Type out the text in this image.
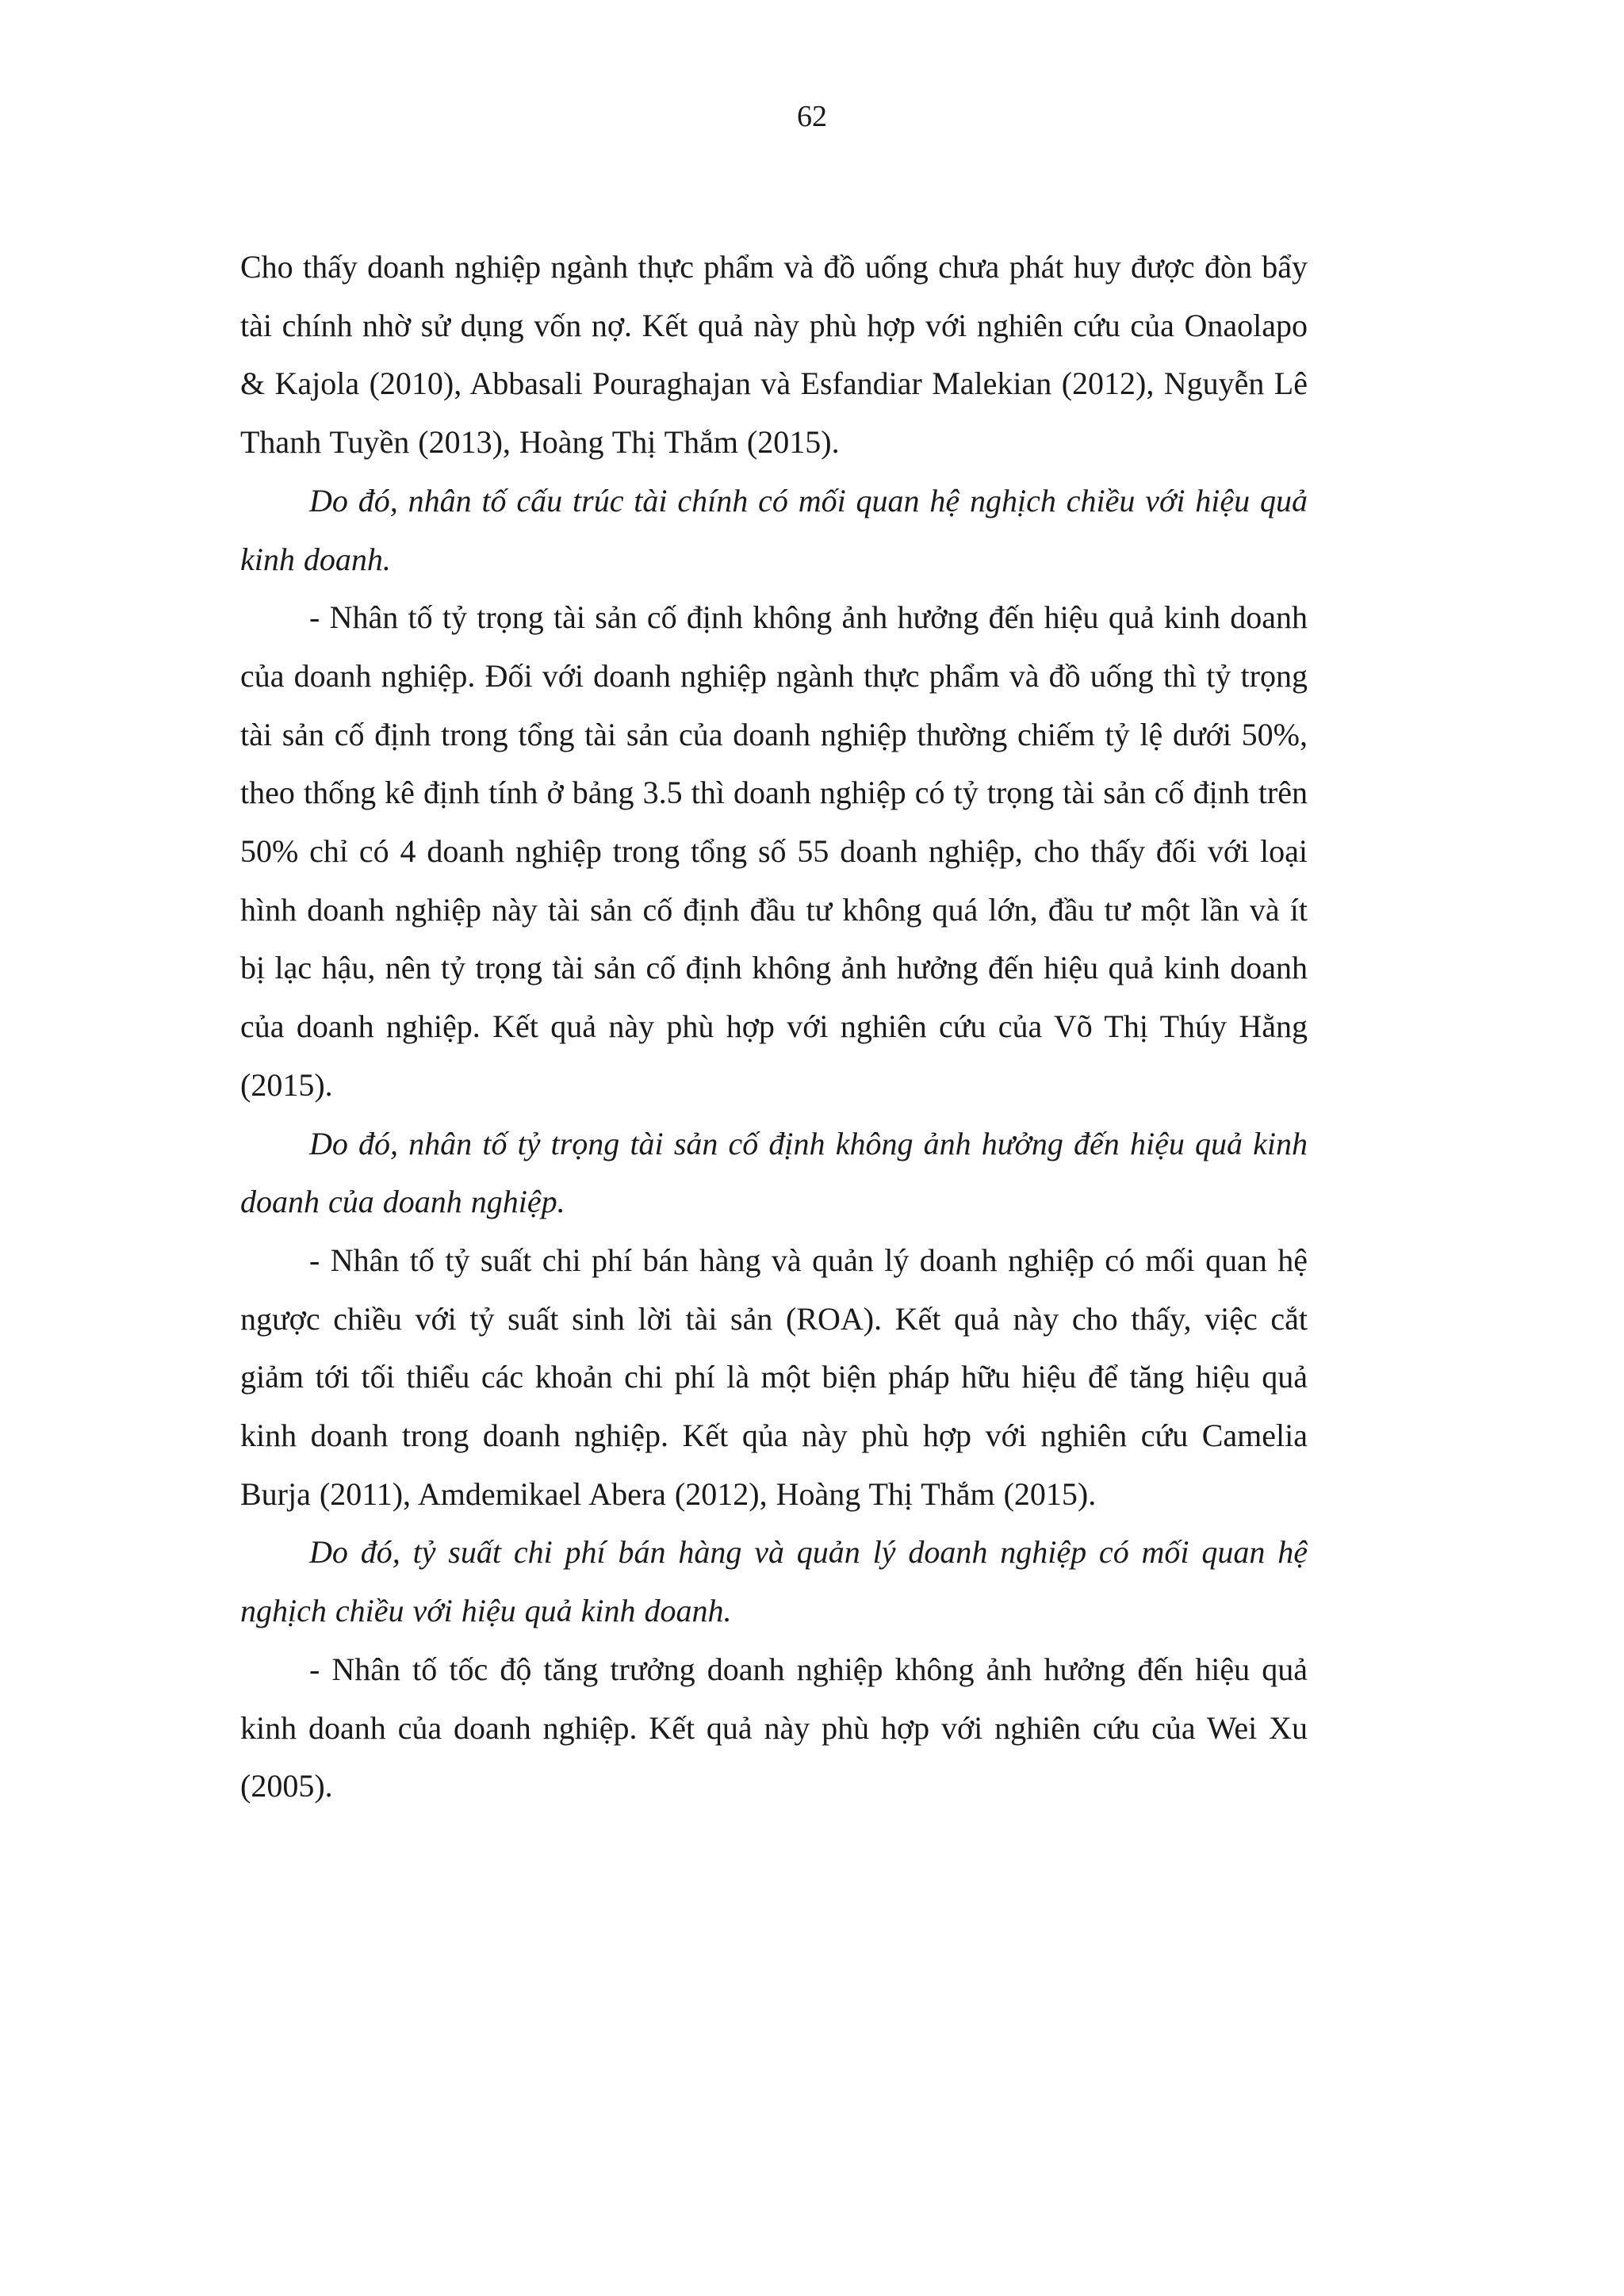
62

Cho thấy doanh nghiệp ngành thực phẩm và đồ uống chưa phát huy được đòn bẩy tài chính nhờ sử dụng vốn nợ. Kết quả này phù hợp với nghiên cứu của Onaolapo & Kajola (2010), Abbasali Pouraghajan và Esfandiar Malekian (2012), Nguyễn Lê Thanh Tuyền (2013), Hoàng Thị Thắm (2015).

Do đó, nhân tố cấu trúc tài chính có mối quan hệ nghịch chiều với hiệu quả kinh doanh.

- Nhân tố tỷ trọng tài sản cố định không ảnh hưởng đến hiệu quả kinh doanh của doanh nghiệp. Đối với doanh nghiệp ngành thực phẩm và đồ uống thì tỷ trọng tài sản cố định trong tổng tài sản của doanh nghiệp thường chiếm tỷ lệ dưới 50%, theo thống kê định tính ở bảng 3.5 thì doanh nghiệp có tỷ trọng tài sản cố định trên 50% chỉ có 4 doanh nghiệp trong tổng số 55 doanh nghiệp, cho thấy đối với loại hình doanh nghiệp này tài sản cố định đầu tư không quá lớn, đầu tư một lần và ít bị lạc hậu, nên tỷ trọng tài sản cố định không ảnh hưởng đến hiệu quả kinh doanh của doanh nghiệp. Kết quả này phù hợp với nghiên cứu của Võ Thị Thúy Hằng (2015).

Do đó, nhân tố tỷ trọng tài sản cố định không ảnh hưởng đến hiệu quả kinh doanh của doanh nghiệp.

- Nhân tố tỷ suất chi phí bán hàng và quản lý doanh nghiệp có mối quan hệ ngược chiều với tỷ suất sinh lời tài sản (ROA). Kết quả này cho thấy, việc cắt giảm tới tối thiểu các khoản chi phí là một biện pháp hữu hiệu để tăng hiệu quả kinh doanh trong doanh nghiệp. Kết qủa này phù hợp với nghiên cứu Camelia Burja (2011), Amdemikael Abera (2012), Hoàng Thị Thắm (2015).

Do đó, tỷ suất chi phí bán hàng và quản lý doanh nghiệp có mối quan hệ nghịch chiều với hiệu quả kinh doanh.

- Nhân tố tốc độ tăng trưởng doanh nghiệp không ảnh hưởng đến hiệu quả kinh doanh của doanh nghiệp. Kết quả này phù hợp với nghiên cứu của Wei Xu (2005).
